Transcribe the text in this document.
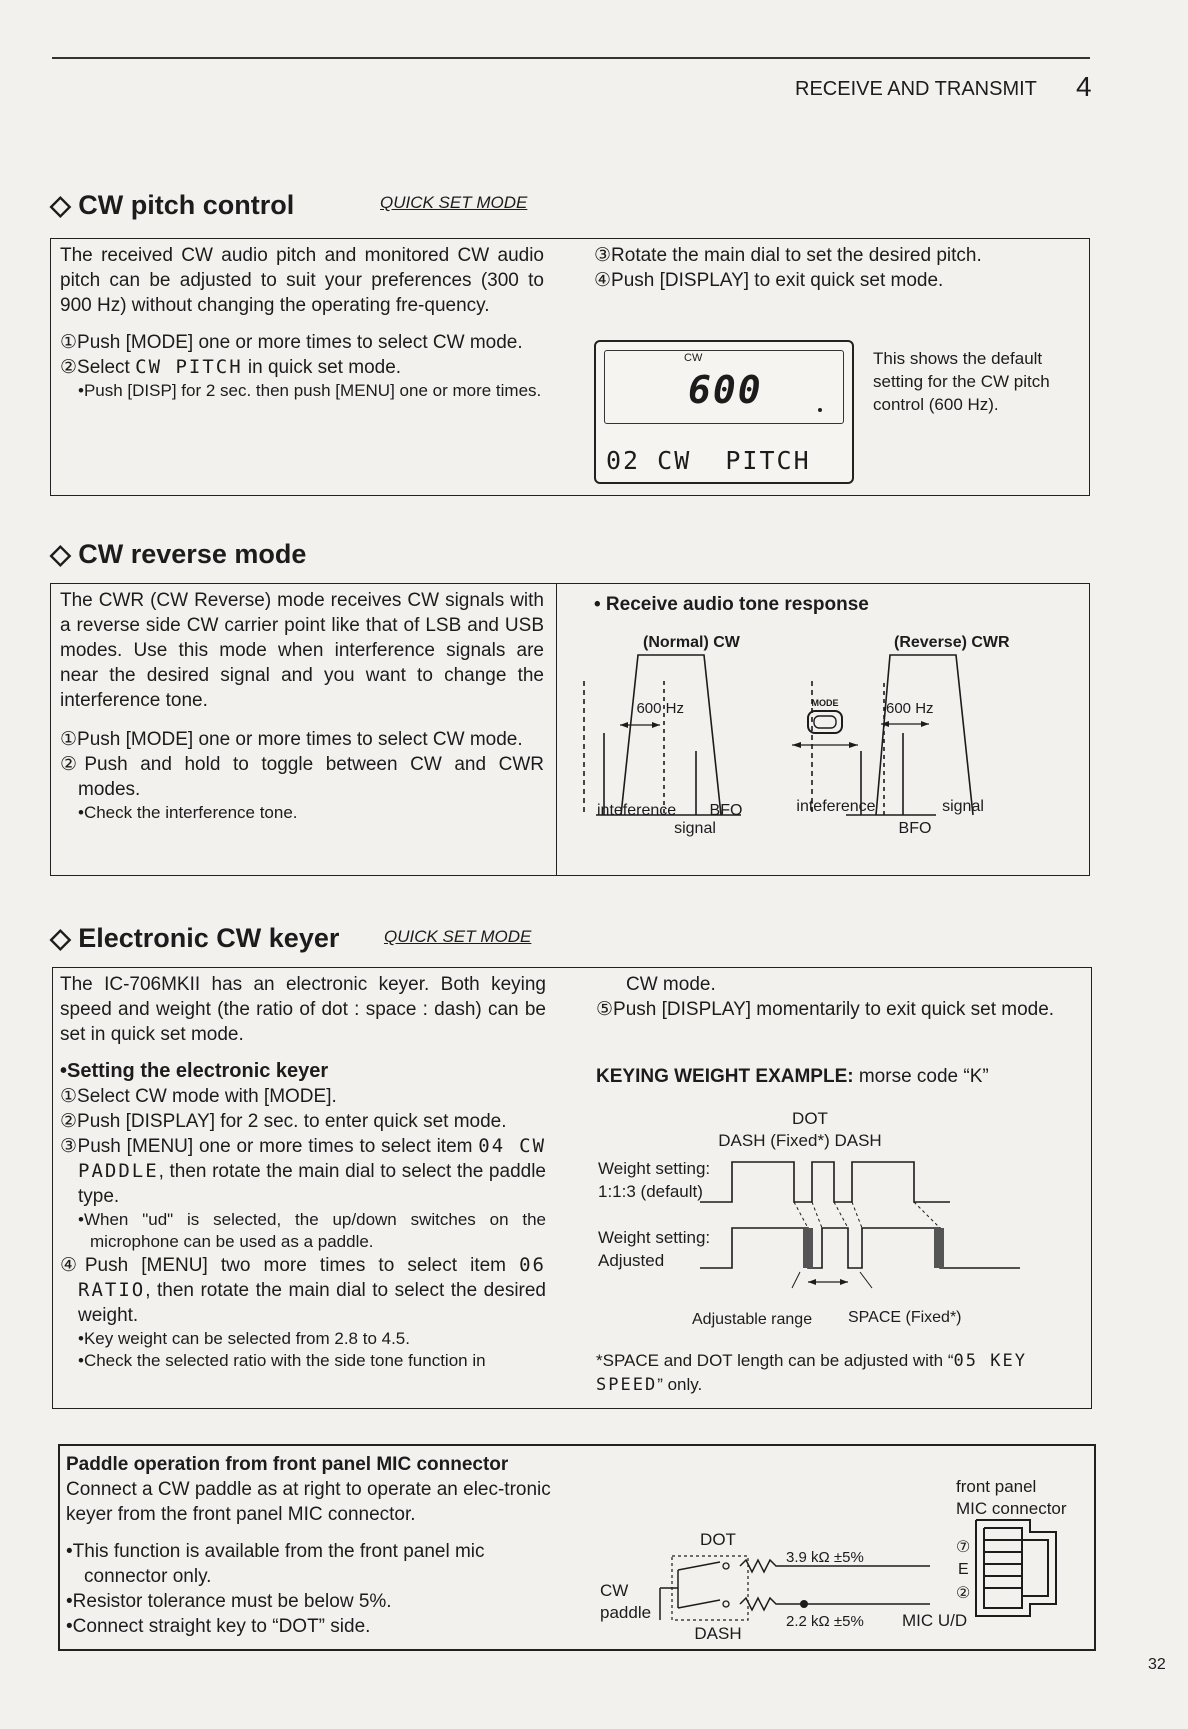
RECEIVE AND TRANSMIT 4
◇ CW pitch control	QUICK SET MODE
The received CW audio pitch and monitored CW audio pitch can be adjusted to suit your preferences (300 to 900 Hz) without changing the operating fre-quency.
①Push [MODE] one or more times to select CW mode.
②Select CW PITCH in quick set mode.
•Push [DISP] for 2 sec. then push [MENU] one or more times.
③Rotate the main dial to set the desired pitch.
④Push [DISPLAY] to exit quick set mode.
CW
600
02 CW  PITCH
This shows the default setting for the CW pitch control (600 Hz).
◇ CW reverse mode
The CWR (CW Reverse) mode receives CW signals with a reverse side CW carrier point like that of LSB and USB modes. Use this mode when interference signals are near the desired signal and you want to change the interference tone.
①Push [MODE] one or more times to select CW mode.
②Push and hold to toggle between CW and CWR modes.
•Check the interference tone.
• Receive audio tone response
(Normal) CW	(Reverse) CWR
600 Hz
inteference BFO
signal
MODE	600 Hz
inteference	signal
BFO
◇ Electronic CW keyer	QUICK SET MODE
The IC-706MKII has an electronic keyer. Both keying speed and weight (the ratio of dot : space : dash) can be set in quick set mode.
•Setting the electronic keyer
①Select CW mode with [MODE].
②Push [DISPLAY] for 2 sec. to enter quick set mode.
③Push [MENU] one or more times to select item 04 CW PADDLE, then rotate the main dial to select the paddle type.
•When "ud" is selected, the up/down switches on the microphone can be used as a paddle.
④Push [MENU] two more times to select item 06 RATIO, then rotate the main dial to select the desired weight.
•Key weight can be selected from 2.8 to 4.5.
•Check the selected ratio with the side tone function in
CW mode.
⑤Push [DISPLAY] momentarily to exit quick set mode.
KEYING WEIGHT EXAMPLE: morse code “K”
DOT
DASH (Fixed*) DASH
Weight setting:
1:1:3 (default)
Weight setting:
Adjusted
Adjustable range SPACE (Fixed*)
*SPACE and DOT length can be adjusted with “05 KEY SPEED” only.
Paddle operation from front panel MIC connector
Connect a CW paddle as at right to operate an elec-tronic keyer from the front panel MIC connector.
•This function is available from the front panel mic connector only.
•Resistor tolerance must be below 5%.
•Connect straight key to “DOT” side.
front panel
MIC connector
DOT
CW
paddle
DASH
3.9 kΩ ±5%
2.2 kΩ ±5%
⑦
E
②
MIC U/D
32
